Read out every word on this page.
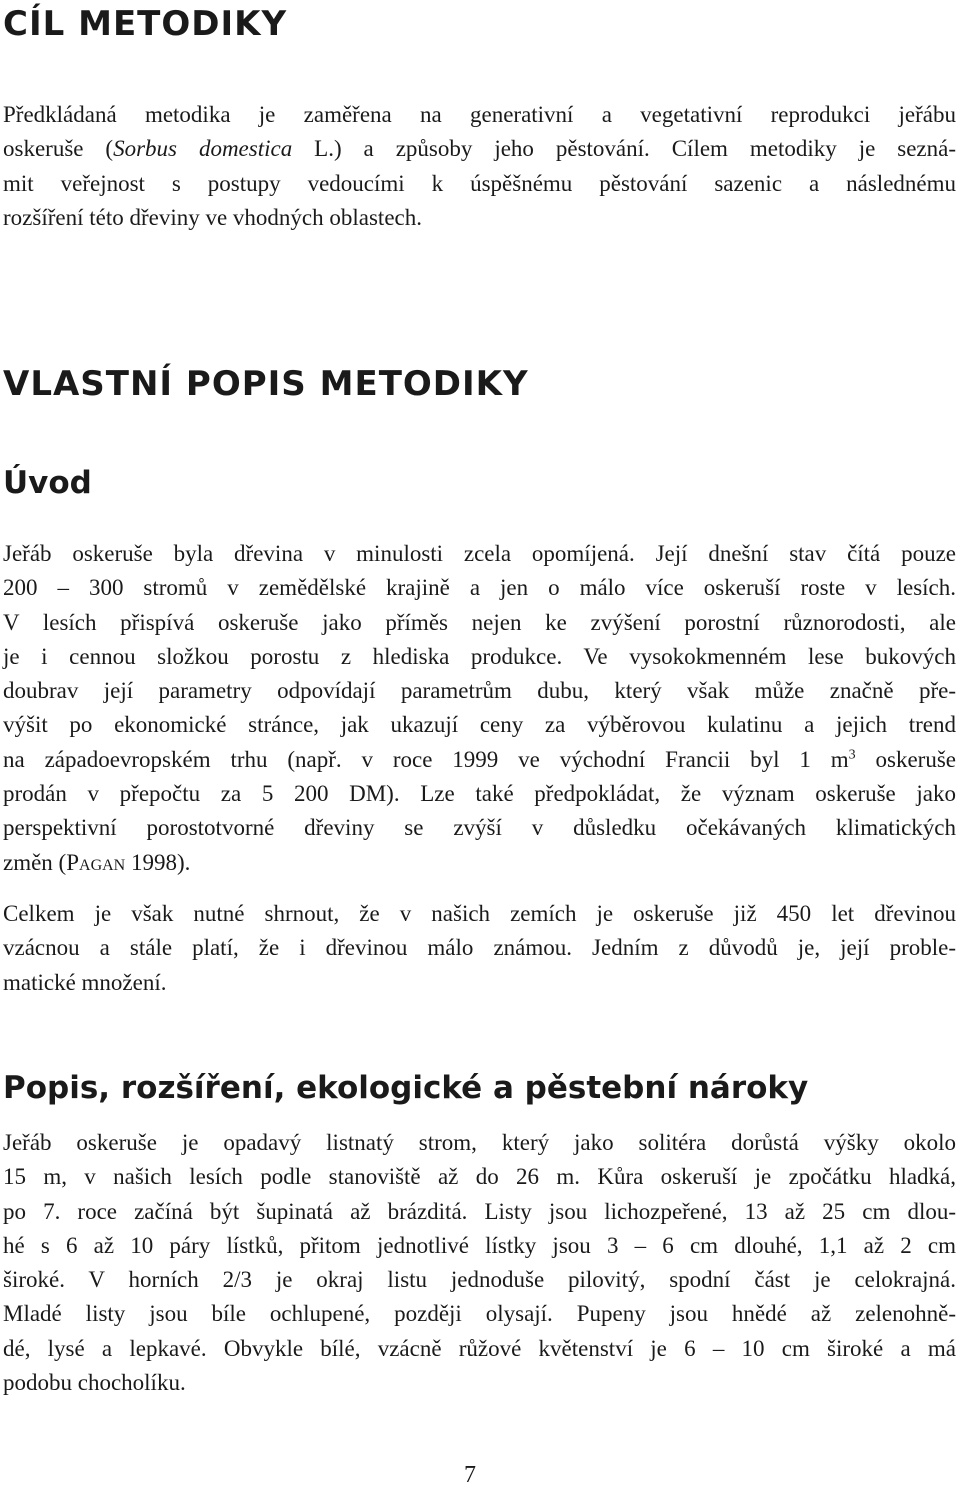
CÍL METODIKY
Předkládaná metodika je zaměřena na generativní a vegetativní reprodukci jeřábu
oskeruše (Sorbus domestica L.) a způsoby jeho pěstování. Cílem metodiky je sezná-
mit veřejnost s postupy vedoucími k úspěšnému pěstování sazenic a následnému
rozšíření této dřeviny ve vhodných oblastech.
VLASTNÍ POPIS METODIKY
Úvod
Jeřáb oskeruše byla dřevina v minulosti zcela opomíjená. Její dnešní stav čítá pouze
200 – 300 stromů v zemědělské krajině a jen o málo více oskeruší roste v lesích.
V lesích přispívá oskeruše jako příměs nejen ke zvýšení porostní různorodosti, ale
je i cennou složkou porostu z hlediska produkce. Ve vysokokmenném lese bukových
doubrav její parametry odpovídají parametrům dubu, který však může značně pře-
výšit po ekonomické stránce, jak ukazují ceny za výběrovou kulatinu a jejich trend
na západoevropském trhu (např. v roce 1999 ve východní Francii byl 1 $m^3$ oskeruše
prodán v přepočtu za 5 200 DM). Lze také předpokládat, že význam oskeruše jako
perspektivní porostotvorné dřeviny se zvýší v důsledku očekávaných klimatických
změn (Pagan 1998).
Celkem je však nutné shrnout, že v našich zemích je oskeruše již 450 let dřevinou
vzácnou a stále platí, že i dřevinou málo známou. Jedním z důvodů je, její proble-
matické množení.
Popis, rozšíření, ekologické a pěstební nároky
Jeřáb oskeruše je opadavý listnatý strom, který jako solitéra dorůstá výšky okolo
15 m, v našich lesích podle stanoviště až do 26 m. Kůra oskeruší je zpočátku hladká,
po 7. roce začíná být šupinatá až brázditá. Listy jsou lichozpeřené, 13 až 25 cm dlou-
hé s 6 až 10 páry lístků, přitom jednotlivé lístky jsou 3 – 6 cm dlouhé, 1,1 až 2 cm
široké. V horních 2/3 je okraj listu jednoduše pilovitý, spodní část je celokrajná.
Mladé listy jsou bíle ochlupené, později olysají. Pupeny jsou hnědé až zelenohně-
dé, lysé a lepkavé. Obvykle bílé, vzácně růžové květenství je 6 – 10 cm široké a má
podobu chocholíku.
7
